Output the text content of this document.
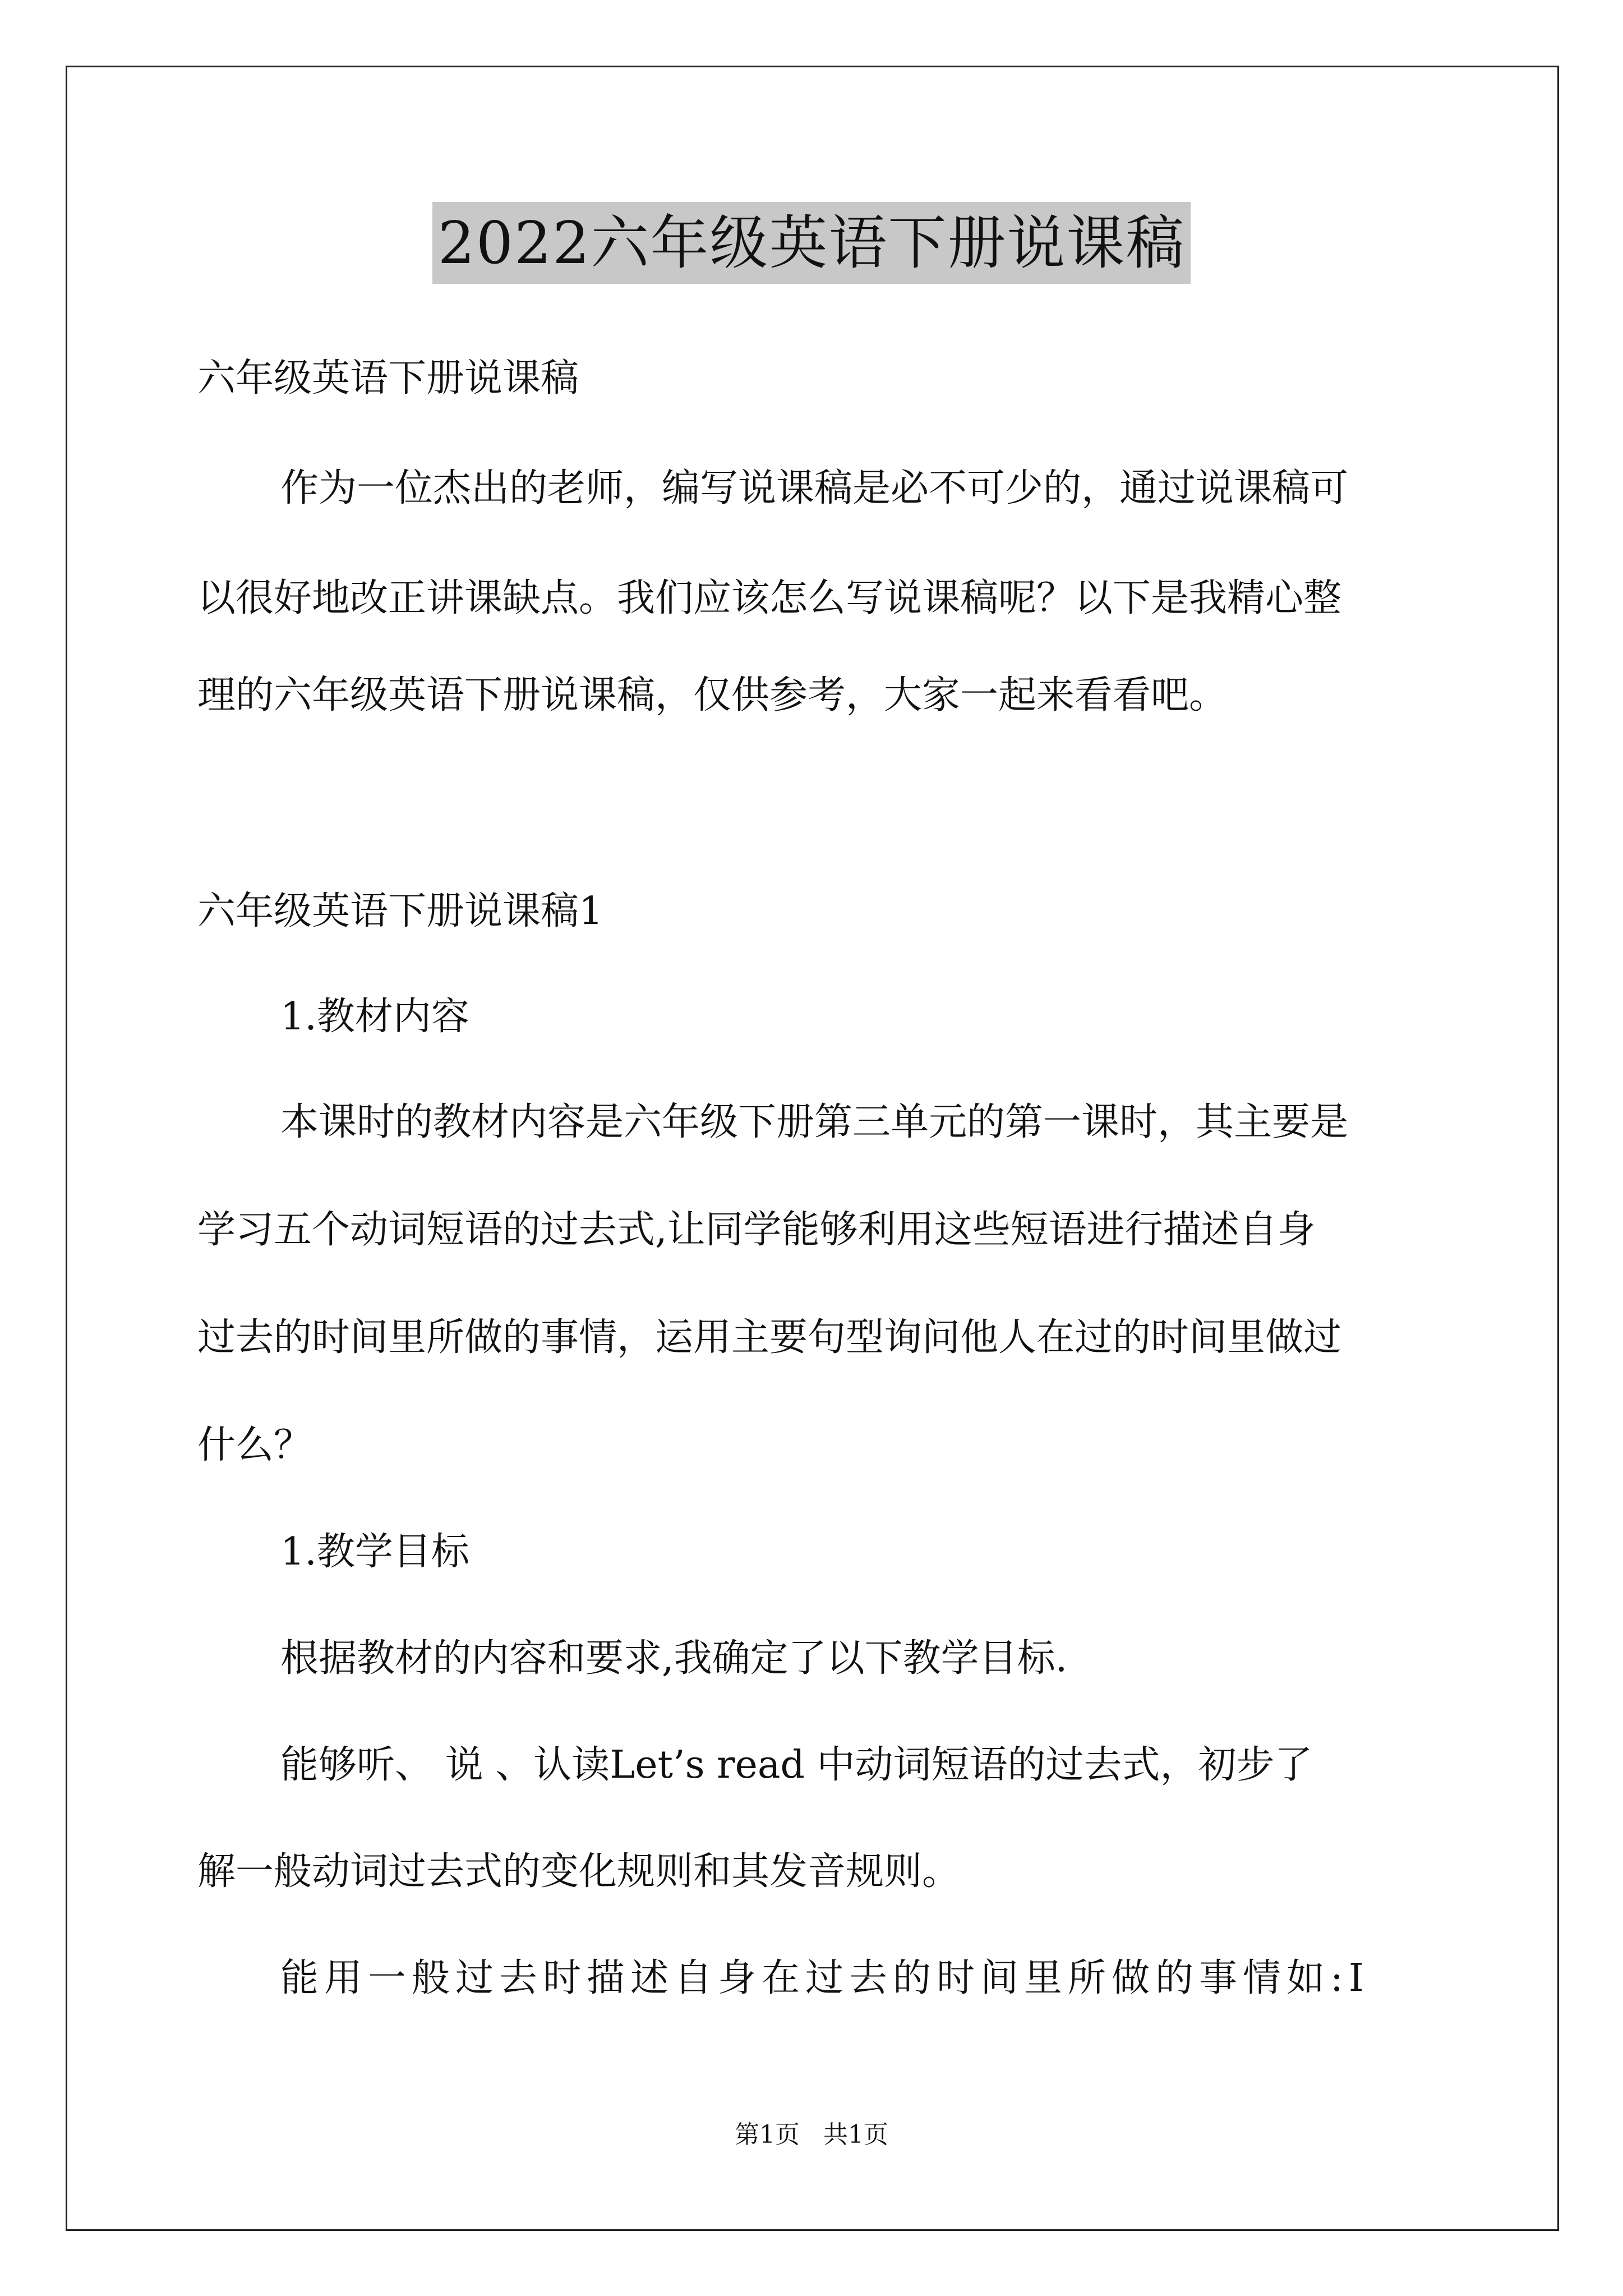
2022六年级英语下册说课稿
六年级英语下册说课稿
作为一位杰出的老师，编写说课稿是必不可少的，通过说课稿可
以很好地改正讲课缺点。我们应该怎么写说课稿呢？以下是我精心整
理的六年级英语下册说课稿，仅供参考，大家一起来看看吧。
六年级英语下册说课稿1
1.教材内容
本课时的教材内容是六年级下册第三单元的第一课时，其主要是
学习五个动词短语的过去式,让同学能够利用这些短语进行描述自身
过去的时间里所做的事情，运用主要句型询问他人在过的时间里做过
什么？
1.教学目标
根据教材的内容和要求,我确定了以下教学目标.
能够听、 说 、认读Let’s read 中动词短语的过去式，初步了
解一般动词过去式的变化规则和其发音规则。
能用一般过去时描述自身在过去的时间里所做的事情如:I
第1页 共1页
